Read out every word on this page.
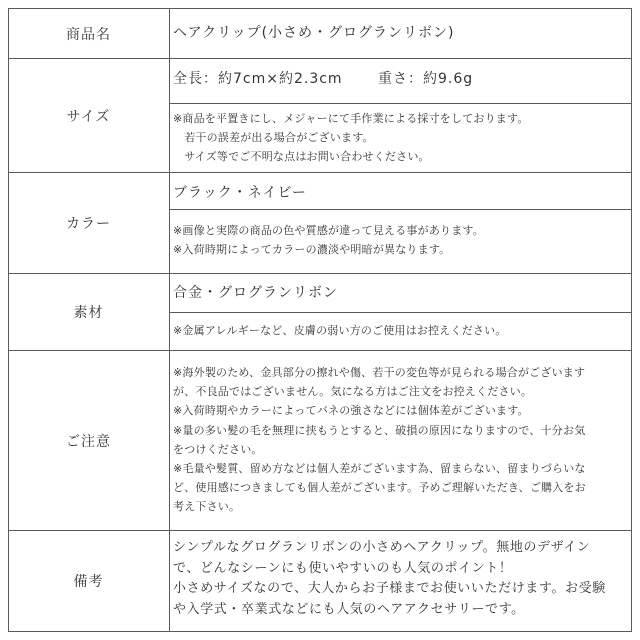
商品名	ヘアクリップ(小さめ・グログランリボン)
サイズ
全長：約7cm×約2.3cm　　 重さ：約9.6g
※商品を平置きにし、メジャーにて手作業による採寸をしております。
　若干の誤差が出る場合がございます。
　サイズ等でご不明な点はお問い合わせください。
カラー
ブラック・ネイビー
※画像と実際の商品の色や質感が違って見える事があります。
※入荷時期によってカラーの濃淡や明暗が異なります。
素材
合金・グログランリボン
※金属アレルギーなど、皮膚の弱い方のご使用はお控えください。
ご注意
※海外製のため、金具部分の擦れや傷、若干の変色等が見られる場合がございます
が、不良品ではございません。気になる方はご注文をお控えください。
※入荷時期やカラーによってバネの強さなどには個体差がございます。
※量の多い髪の毛を無理に挟もうとすると、破損の原因になりますので、十分お気
をつけください。
※毛量や髪質、留め方などは個人差がございます為、留まらない、留まりづらいな
ど、使用感につきましても個人差がございます。予めご理解いただき、ご購入をお
考え下さい。
備考
シンプルなグログランリボンの小さめヘアクリップ。無地のデザイン
で、どんなシーンにも使いやすいのも人気のポイント！
小さめサイズなので、大人からお子様までお使いいただけます。お受験
や入学式・卒業式などにも人気のヘアアクセサリーです。
